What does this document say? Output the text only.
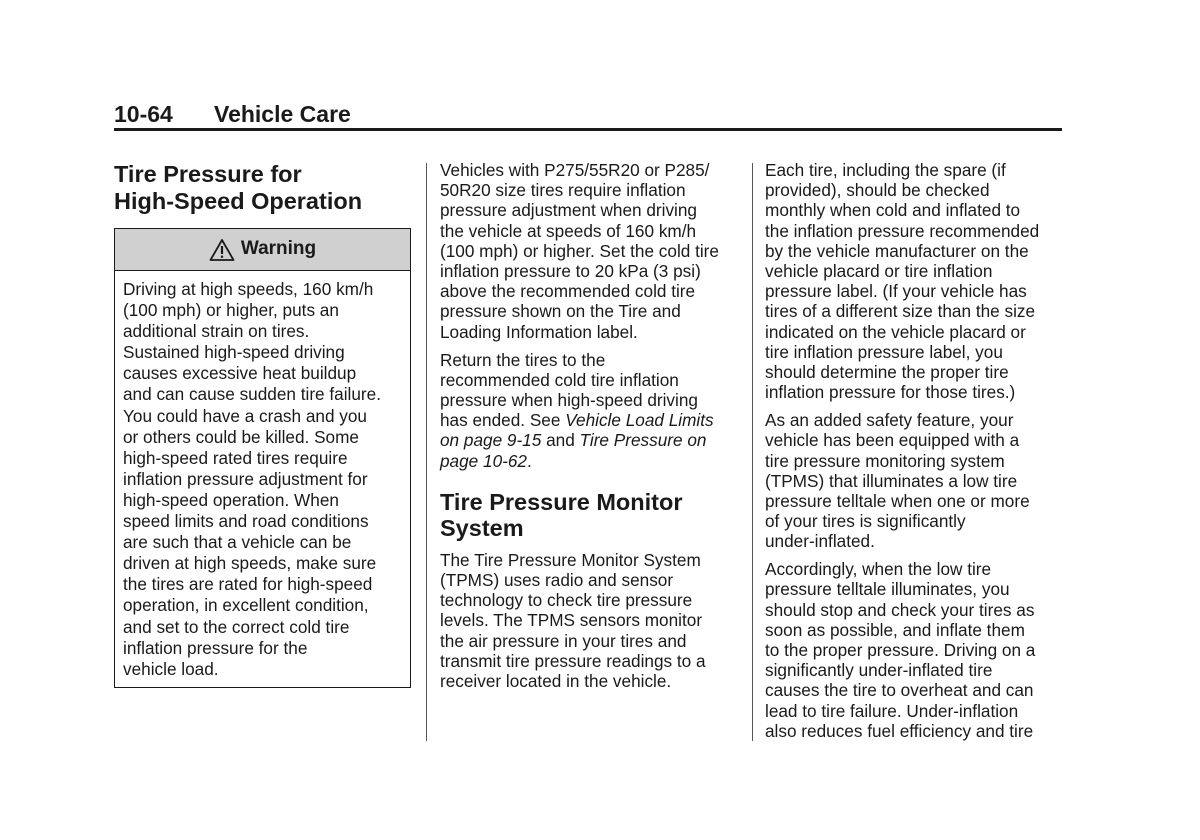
10-64 Vehicle Care
Tire Pressure for
High-Speed Operation
Warning
Driving at high speeds, 160 km/h
(100 mph) or higher, puts an
additional strain on tires.
Sustained high-speed driving
causes excessive heat buildup
and can cause sudden tire failure.
You could have a crash and you
or others could be killed. Some
high-speed rated tires require
inflation pressure adjustment for
high-speed operation. When
speed limits and road conditions
are such that a vehicle can be
driven at high speeds, make sure
the tires are rated for high-speed
operation, in excellent condition,
and set to the correct cold tire
inflation pressure for the
vehicle load.

Vehicles with P275/55R20 or P285/
50R20 size tires require inflation
pressure adjustment when driving
the vehicle at speeds of 160 km/h
(100 mph) or higher. Set the cold tire
inflation pressure to 20 kPa (3 psi)
above the recommended cold tire
pressure shown on the Tire and
Loading Information label.

Return the tires to the
recommended cold tire inflation
pressure when high-speed driving
has ended. See Vehicle Load Limits
on page 9-15 and Tire Pressure on
page 10-62.

Tire Pressure Monitor
System

The Tire Pressure Monitor System
(TPMS) uses radio and sensor
technology to check tire pressure
levels. The TPMS sensors monitor
the air pressure in your tires and
transmit tire pressure readings to a
receiver located in the vehicle.

Each tire, including the spare (if
provided), should be checked
monthly when cold and inflated to
the inflation pressure recommended
by the vehicle manufacturer on the
vehicle placard or tire inflation
pressure label. (If your vehicle has
tires of a different size than the size
indicated on the vehicle placard or
tire inflation pressure label, you
should determine the proper tire
inflation pressure for those tires.)

As an added safety feature, your
vehicle has been equipped with a
tire pressure monitoring system
(TPMS) that illuminates a low tire
pressure telltale when one or more
of your tires is significantly
under-inflated.

Accordingly, when the low tire
pressure telltale illuminates, you
should stop and check your tires as
soon as possible, and inflate them
to the proper pressure. Driving on a
significantly under-inflated tire
causes the tire to overheat and can
lead to tire failure. Under-inflation
also reduces fuel efficiency and tire
